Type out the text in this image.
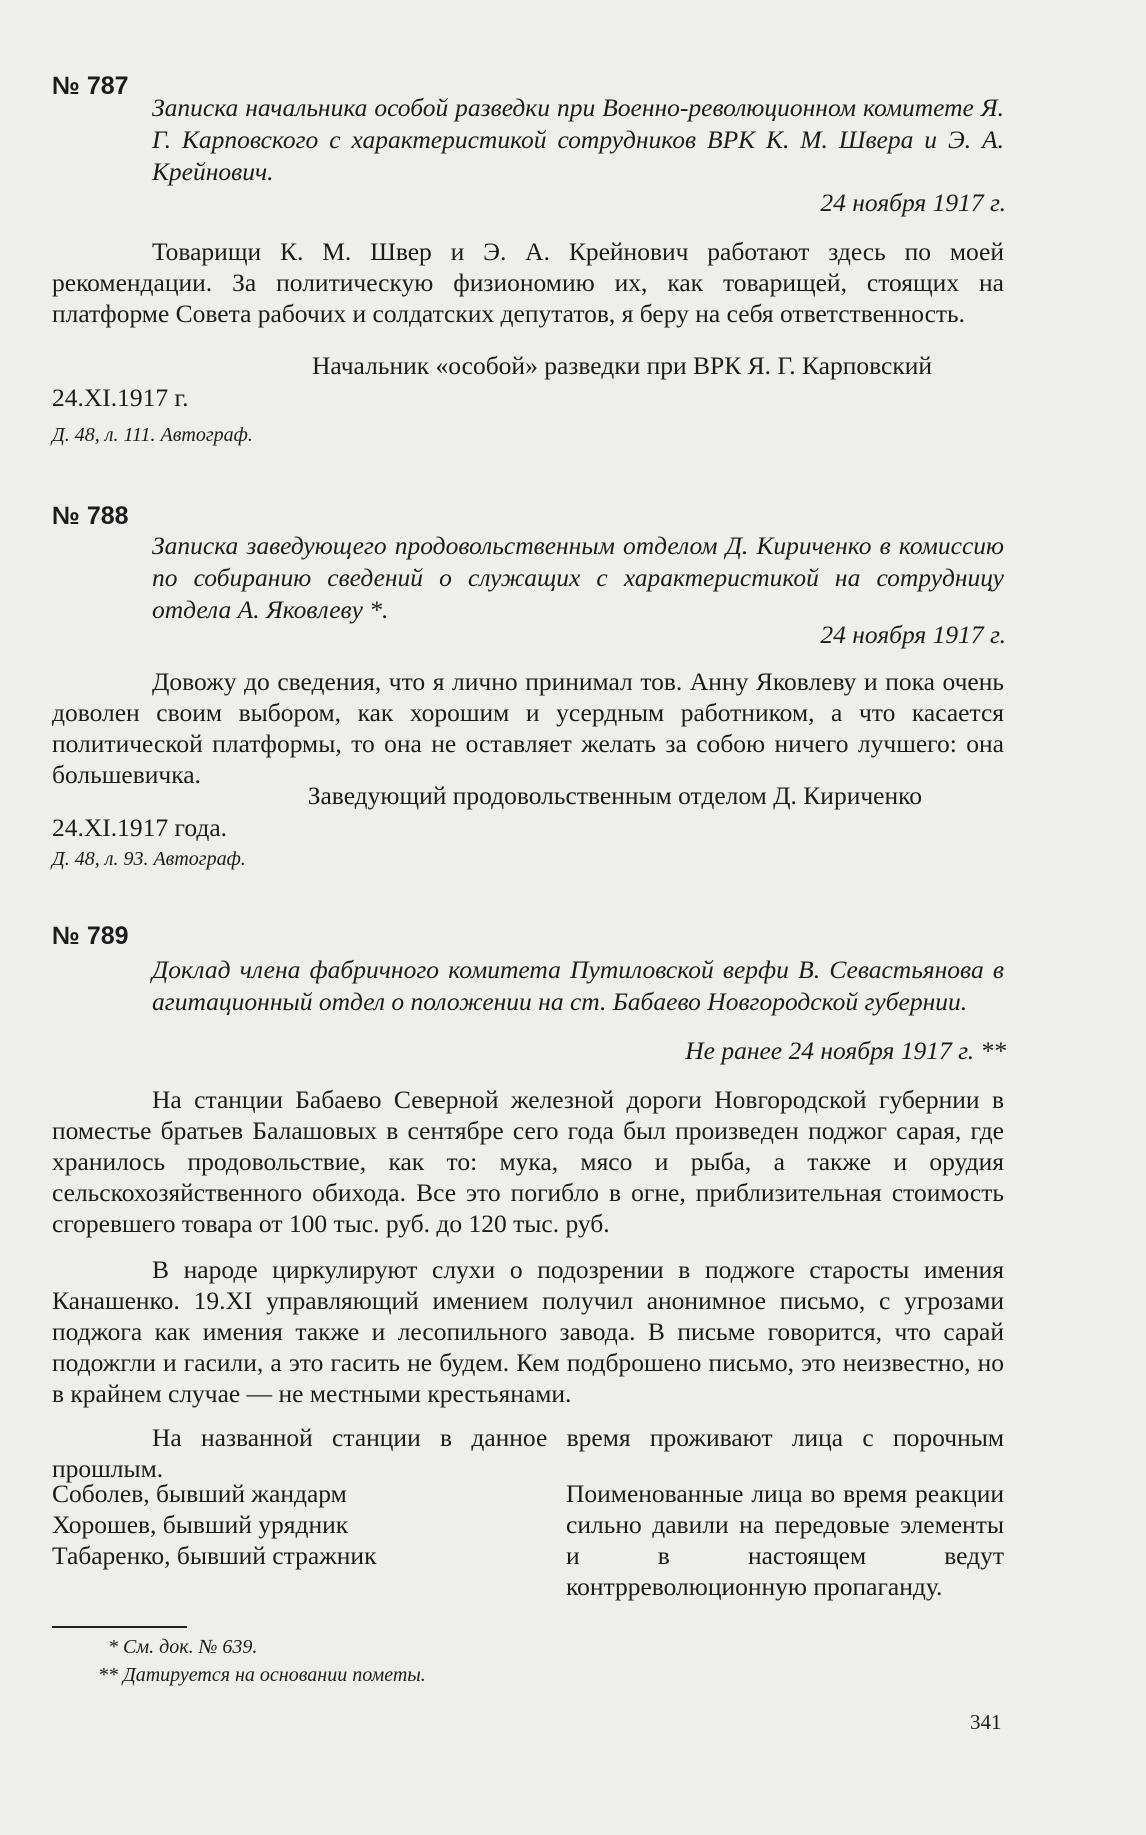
№ 787
Записка начальника особой разведки при Военно-революционном комитете Я. Г. Карповского с характеристикой сотрудников ВРК К. М. Швера и Э. А. Крейнович.
24 ноября 1917 г.
Товарищи К. М. Швер и Э. А. Крейнович работают здесь по моей рекомендации. За политическую физиономию их, как товарищей, стоящих на платформе Совета рабочих и солдатских депутатов, я беру на себя ответственность.
Начальник «особой» разведки при ВРК Я. Г. Карповский
24.XI.1917 г.
Д. 48, л. 111. Автограф.
№ 788
Записка заведующего продовольственным отделом Д. Кириченко в комиссию по собиранию сведений о служащих с характеристикой на сотрудницу отдела А. Яковлеву *.
24 ноября 1917 г.
Довожу до сведения, что я лично принимал тов. Анну Яковлеву и пока очень доволен своим выбором, как хорошим и усердным работником, а что касается политической платформы, то она не оставляет желать за собою ничего лучшего: она большевичка.
Заведующий продовольственным отделом Д. Кириченко
24.XI.1917 года.
Д. 48, л. 93. Автограф.
№ 789
Доклад члена фабричного комитета Путиловской верфи В. Севастьянова в агитационный отдел о положении на ст. Бабаево Новгородской губернии.
Не ранее 24 ноября 1917 г. **
На станции Бабаево Северной железной дороги Новгородской губернии в поместье братьев Балашовых в сентябре сего года был произведен поджог сарая, где хранилось продовольствие, как то: мука, мясо и рыба, а также и орудия сельскохозяйственного обихода. Все это погибло в огне, приблизительная стоимость сгоревшего товара от 100 тыс. руб. до 120 тыс. руб.
В народе циркулируют слухи о подозрении в поджоге старосты имения Канашенко. 19.XI управляющий имением получил анонимное письмо, с угрозами поджога как имения также и лесопильного завода. В письме говорится, что сарай подожгли и гасили, а это гасить не будем. Кем подброшено письмо, это неизвестно, но в крайнем случае — не местными крестьянами.
На названной станции в данное время проживают лица с порочным прошлым.
Соболев, бывший жандарм
Хорошев, бывший урядник
Табаренко, бывший стражник
Поименованные лица во время реакции сильно давили на передовые элементы и в настоящем ведут контрреволюционную пропаганду.
* См. док. № 639.
** Датируется на основании пометы.
341
